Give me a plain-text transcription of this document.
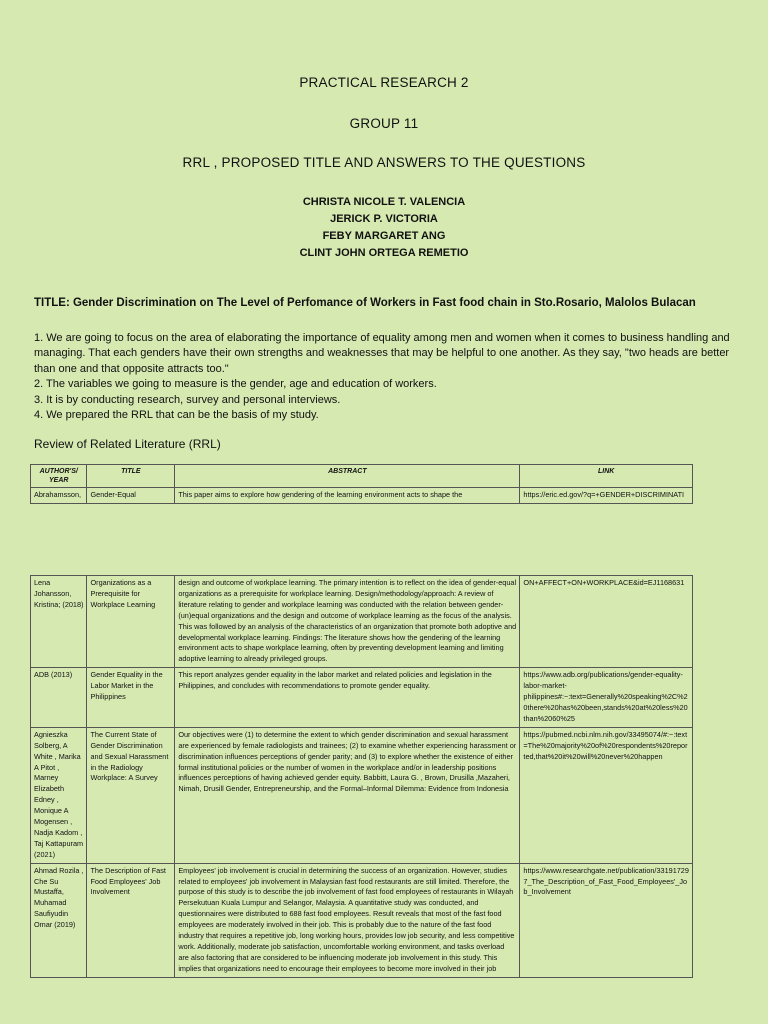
PRACTICAL RESEARCH 2
GROUP 11
RRL , PROPOSED TITLE AND ANSWERS TO THE QUESTIONS
CHRISTA NICOLE T. VALENCIA
JERICK P. VICTORIA
FEBY MARGARET ANG
CLINT JOHN ORTEGA REMETIO
TITLE: Gender Discrimination on The Level of Perfomance of Workers in Fast food chain in Sto.Rosario, Malolos Bulacan
1. We are going to focus on the area of elaborating the importance of equality among men and women when it comes to business handling and managing. That each genders have their own strengths and weaknesses that may be helpful to one another. As they say, "two heads are better than one and that opposite attracts too."
2. The variables we going to measure is the gender, age and education of workers.
3. It is by conducting research, survey and personal interviews.
4. We prepared the RRL that can be the basis of my study.
Review of Related Literature (RRL)
AUTHOR'S/ YEAR	TITLE	ABSTRACT	LINK
Abrahamsson,	Gender-Equal	This paper aims to explore how gendering of the learning environment acts to shape the	https://eric.ed.gov/?q=+GENDER+DISCRIMINATI
Lena Johansson, Kristina; (2018)	Organizations as a Prerequisite for Workplace Learning	design and outcome of workplace learning. The primary intention is to reflect on the idea of gender-equal organizations as a prerequisite for workplace learning. Design/methodology/approach: A review of literature relating to gender and workplace learning was conducted with the relation between gender-(un)equal organizations and the design and outcome of workplace learning as the focus of the analysis. This was followed by an analysis of the characteristics of an organization that promote both adoptive and developmental workplace learning. Findings: The literature shows how the gendering of the learning environment acts to shape workplace learning, often by preventing development learning and limiting adoptive learning to already privileged groups.	ON+AFFECT+ON+WORKPLACE&id=EJ1168631
ADB (2013)	Gender Equality in the Labor Market in the Philippines	This report analyzes gender equality in the labor market and related policies and legislation in the Philippines, and concludes with recommendations to promote gender equality.	https://www.adb.org/publications/gender-equality-labor-market-philippines#:~:text=Generally%20speaking%2C%20there%20has%20been,stands%20at%20less%20than%2060%25
Agnieszka Solberg, A White , Marika A Pitot , Marney Elizabeth Edney , Monique A Mogensen , Nadja Kadom , Taj Kattapuram (2021)	The Current State of Gender Discrimination and Sexual Harassment in the Radiology Workplace: A Survey	Our objectives were (1) to determine the extent to which gender discrimination and sexual harassment are experienced by female radiologists and trainees; (2) to examine whether experiencing harassment or discrimination influences perceptions of gender parity; and (3) to explore whether the existence of either formal institutional policies or the number of women in the workplace and/or in leadership positions influences perceptions of having achieved gender equity. Babbitt, Laura G. , Brown, Drusilla ,Mazaheri, Nimah, Drusill Gender, Entrepreneurship, and the Formal–Informal Dilemma: Evidence from Indonesia	https://pubmed.ncbi.nlm.nih.gov/33495074/#:~:text=The%20majority%20of%20respondents%20reported,that%20it%20will%20never%20happen
Ahmad Rozila , Che Su Mustaffa, Muhamad Saufiyudin Omar (2019)	The Description of Fast Food Employees' Job Involvement	Employees' job involvement is crucial in determining the success of an organization. However, studies related to employees' job involvement in Malaysian fast food restaurants are still limited. Therefore, the purpose of this study is to describe the job involvement of fast food employees of restaurants in Wilayah Persekutuan Kuala Lumpur and Selangor, Malaysia. A quantitative study was conducted, and questionnaires were distributed to 688 fast food employees. Result reveals that most of the fast food employees are moderately involved in their job. This is probably due to the nature of the fast food industry that requires a repetitive job, long working hours, provides low job security, and less competitive work. Additionally, moderate job satisfaction, uncomfortable working environment, and tasks overload are also factoring that are considered to be influencing moderate job involvement in this study. This implies that organizations need to encourage their employees to become more involved in their job	https://www.researchgate.net/publication/331917297_The_Description_of_Fast_Food_Employees'_Job_Involvement
